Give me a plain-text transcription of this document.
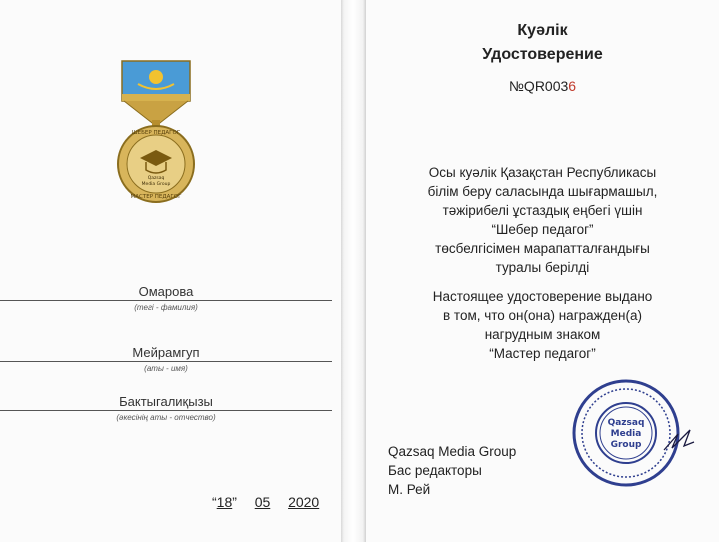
ШЕБЕР ПЕДАГОГ
Qazsaq
Media Group
МАСТЕР ПЕДАГОГ
Омарова
(тегі - фамилия)
Мейрамгуп
(аты - имя)
Бактыгалиқызы
(әкесінің аты - отчество)
“18” 05 2020
Куәлік
Удостоверение
№QR0036
Осы куәлік Қазақстан Республикасы
білім беру саласында шығармашыл,
тәжірибелі ұстаздық еңбегі үшін
“Шебер педагог”
төсбелгісімен марапатталғандығы
туралы берілді
Настоящее удостоверение выдано
в том, что он(она) награжден(а)
нагрудным знаком
“Мастер педагог”
Qazsaq Media Group
Бас редакторы
М. Рей
Qazsaq
Media
Group
